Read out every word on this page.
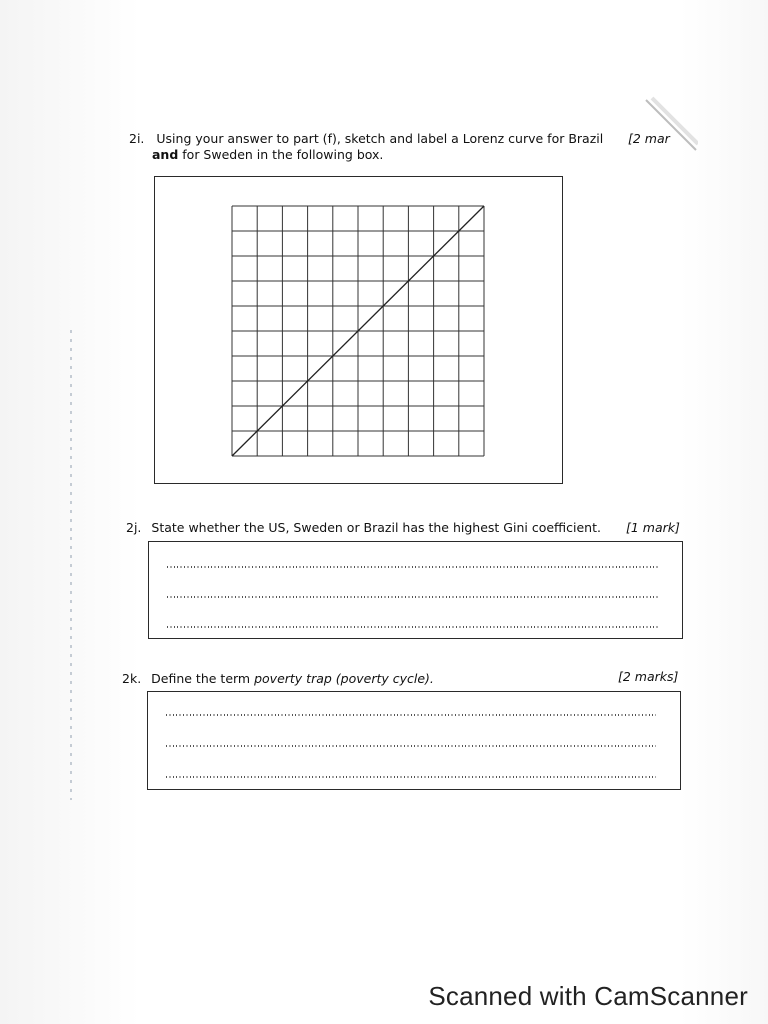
2i. Using your answer to part (f), sketch and label a Lorenz curve for Brazil [2 mar
and for Sweden in the following box.
2j. State whether the US, Sweden or Brazil has the highest Gini coefficient. [1 mark]
2k. Define the term poverty trap (poverty cycle).	[2 marks]
Scanned with CamScanner
